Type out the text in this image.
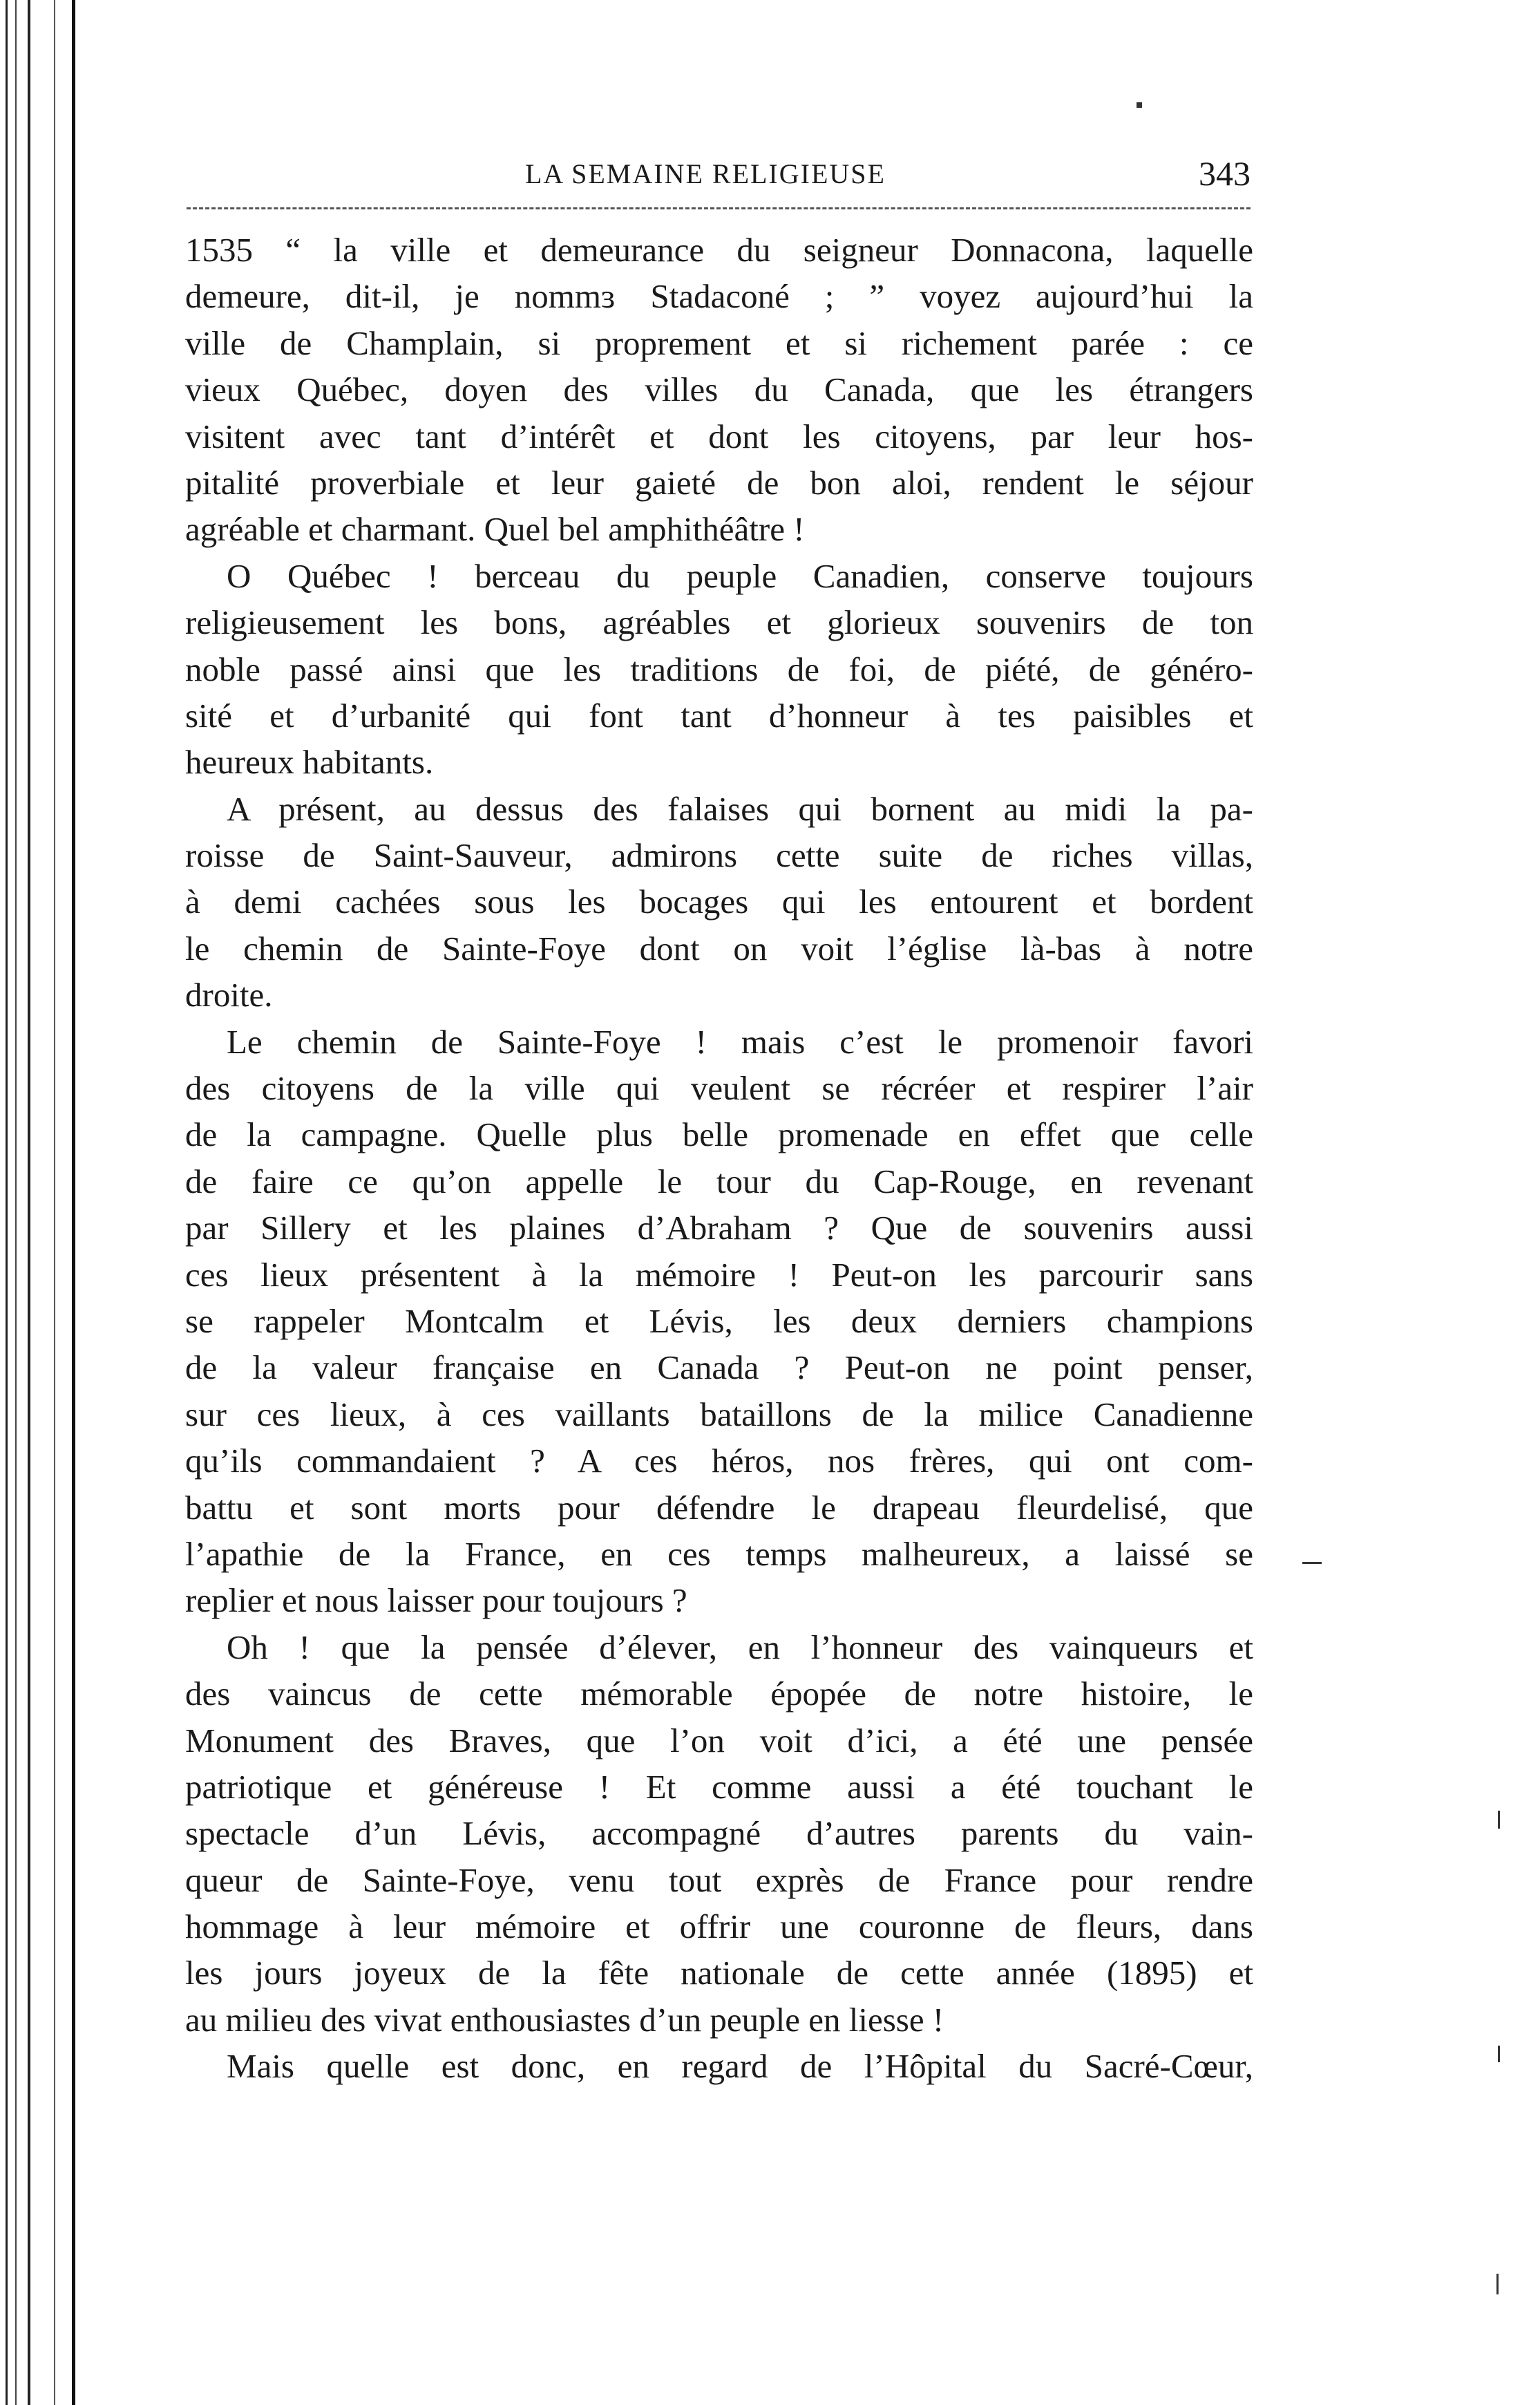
LA SEMAINE RELIGIEUSE	343
1535 “ la ville et demeurance du seigneur Donnacona, laquelle
demeure, dit-il, je nommɜ Stadaconé ; ” voyez aujourd’hui la
ville de Champlain, si proprement et si richement parée : ce
vieux Québec, doyen des villes du Canada, que les étrangers
visitent avec tant d’intérêt et dont les citoyens, par leur hos-
pitalité proverbiale et leur gaieté de bon aloi, rendent le séjour
agréable et charmant. Quel bel amphithéâtre !
O Québec ! berceau du peuple Canadien, conserve toujours
religieusement les bons, agréables et glorieux souvenirs de ton
noble passé ainsi que les traditions de foi, de piété, de généro-
sité et d’urbanité qui font tant d’honneur à tes paisibles et
heureux habitants.
A présent, au dessus des falaises qui bornent au midi la pa-
roisse de Saint-Sauveur, admirons cette suite de riches villas,
à demi cachées sous les bocages qui les entourent et bordent
le chemin de Sainte-Foye dont on voit l’église là-bas à notre
droite.
Le chemin de Sainte-Foye ! mais c’est le promenoir favori
des citoyens de la ville qui veulent se récréer et respirer l’air
de la campagne. Quelle plus belle promenade en effet que celle
de faire ce qu’on appelle le tour du Cap-Rouge, en revenant
par Sillery et les plaines d’Abraham ? Que de souvenirs aussi
ces lieux présentent à la mémoire ! Peut-on les parcourir sans
se rappeler Montcalm et Lévis, les deux derniers champions
de la valeur française en Canada ? Peut-on ne point penser,
sur ces lieux, à ces vaillants bataillons de la milice Canadienne
qu’ils commandaient ? A ces héros, nos frères, qui ont com-
battu et sont morts pour défendre le drapeau fleurdelisé, que
l’apathie de la France, en ces temps malheureux, a laissé se
replier et nous laisser pour toujours ?
Oh ! que la pensée d’élever, en l’honneur des vainqueurs et
des vaincus de cette mémorable épopée de notre histoire, le
Monument des Braves, que l’on voit d’ici, a été une pensée
patriotique et généreuse ! Et comme aussi a été touchant le
spectacle d’un Lévis, accompagné d’autres parents du vain-
queur de Sainte-Foye, venu tout exprès de France pour rendre
hommage à leur mémoire et offrir une couronne de fleurs, dans
les jours joyeux de la fête nationale de cette année (1895) et
au milieu des vivat enthousiastes d’un peuple en liesse !
Mais quelle est donc, en regard de l’Hôpital du Sacré-Cœur,
